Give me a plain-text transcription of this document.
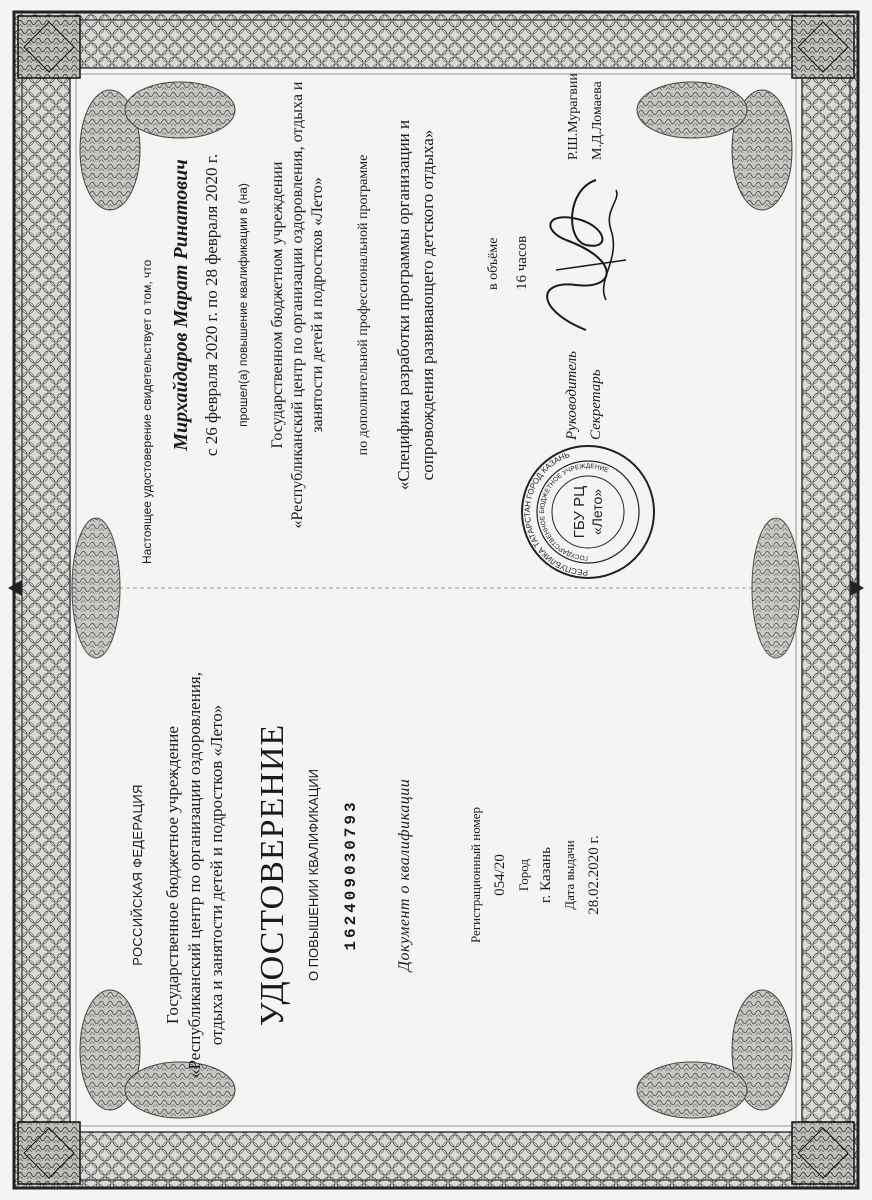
РОССИЙСКАЯ ФЕДЕРАЦИЯ Государственное бюджетное учреждение «Республиканский центр по организации оздоровления, отдыха и занятости детей и подростков «Лето» УДОСТОВЕРЕНИЕ О ПОВЫШЕНИИ КВАЛИФИКАЦИИ 162409030793 Документ о квалификации	Регистрационный номер 054/20 Город г. Казань Дата выдачи 28.02.2020 г.
Настоящее удостоверение свидетельствует о том, что Мирхайдаров Марат Ринатович с 26 февраля 2020 г. по 28 февраля 2020 г. прошел(а) повышение квалификации в (на) Государственном бюджетном учреждении «Республиканский центр по организации оздоровления, отдыха и занятости детей и подростков «Лето» по дополнительной профессиональной программе «Специфика разработки программы организации и сопровождения развивающего детского отдыха»	в объёме 16 часов
Руководитель
Р.Ш.Мурагвии
Секретарь
М.Д.Ломаева
РЕСПУБЛИКА ТАТАРСТАН ГОРОД КАЗАНЬ
ГОСУДАРСТВЕННОЕ БЮДЖЕТНОЕ УЧРЕЖДЕНИЕ
ГБУ РЦ «Лето»
